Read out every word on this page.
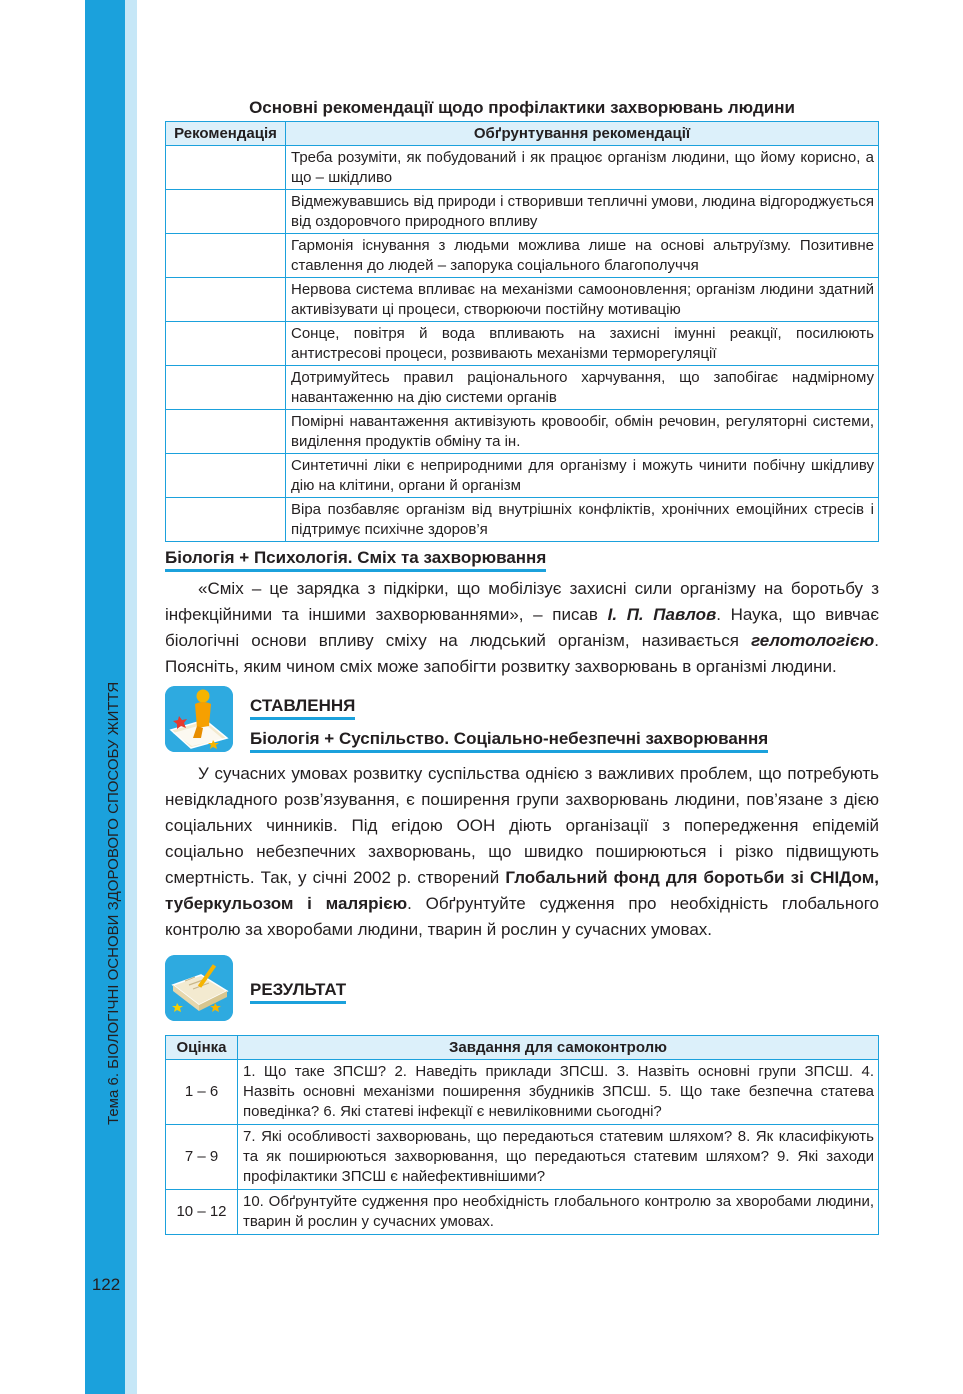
Тема 6. БІОЛОГІЧНІ ОСНОВИ ЗДОРОВОГО СПОСОБУ ЖИТТЯ
122
Основні рекомендації щодо профілактики захворювань людини
Рекомендація	Обґрунтування рекомендації
	Треба розуміти, як побудований і як працює організм людини, що йому корисно, а що – шкідливо
	Відмежувавшись від природи і створивши тепличні умови, людина відгороджується від оздоровчого природного впливу
	Гармонія існування з людьми можлива лише на основі альтруїзму. Позитивне ставлення до людей – запорука соціального благополуччя
	Нервова система впливає на механізми самооновлення; організм людини здатний активізувати ці процеси, створюючи постійну мотивацію
	Сонце, повітря й вода впливають на захисні імунні реакції, посилюють антистресові процеси, розвивають механізми терморегуляції
	Дотримуйтесь правил раціонального харчування, що запобігає надмірному навантаженню на дію системи органів
	Помірні навантаження активізують кровообіг, обмін речовин, регуляторні системи, виділення продуктів обміну та ін.
	Синтетичні ліки є неприродними для організму і можуть чинити побічну шкідливу дію на клітини, органи й організм
	Віра позбавляє організм від внутрішніх конфліктів, хронічних емоційних стресів і підтримує психічне здоров’я
Біологія + Психологія. Сміх та захворювання

«Сміх – це зарядка з підкірки, що мобілізує захисні сили організму на боротьбу з інфекційними та іншими захворюваннями», – писав І. П. Павлов. Наука, що вивчає біологічні основи впливу сміху на людський організм, називається гелотологією. Поясніть, яким чином сміх може запобігти розвитку захворювань в організмі людини.

СТАВЛЕННЯ
Біологія + Суспільство. Соціально-небезпечні захворювання

У сучасних умовах розвитку суспільства однією з важливих проблем, що потребують невідкладного розв’язування, є поширення групи захворювань людини, пов’язане з дією соціальних чинників. Під егідою ООН діють організації з попередження епідемій соціально небезпечних захворювань, що швидко поширюються і різко підвищують смертність. Так, у січні 2002 р. створений Глобальний фонд для боротьби зі СНІДом, туберкульозом і малярією. Обґрунтуйте судження про необхідність глобального контролю за хворобами людини, тварин й рослин у сучасних умовах.

РЕЗУЛЬТАТ
Оцінка	Завдання для самоконтролю
1 – 6	1. Що таке ЗПСШ? 2. Наведіть приклади ЗПСШ. 3. Назвіть основні групи ЗПСШ. 4. Назвіть основні механізми поширення збудників ЗПСШ. 5. Що таке безпечна статева поведінка? 6. Які статеві інфекції є невиліковними сьогодні?
7 – 9	7. Які особливості захворювань, що передаються статевим шляхом? 8. Як класифікують та як поширюються захворювання, що передаються статевим шляхом? 9. Які заходи профілактики ЗПСШ є найефективнішими?
10 – 12	10. Обґрунтуйте судження про необхідність глобального контролю за хворобами людини, тварин й рослин у сучасних умовах.
